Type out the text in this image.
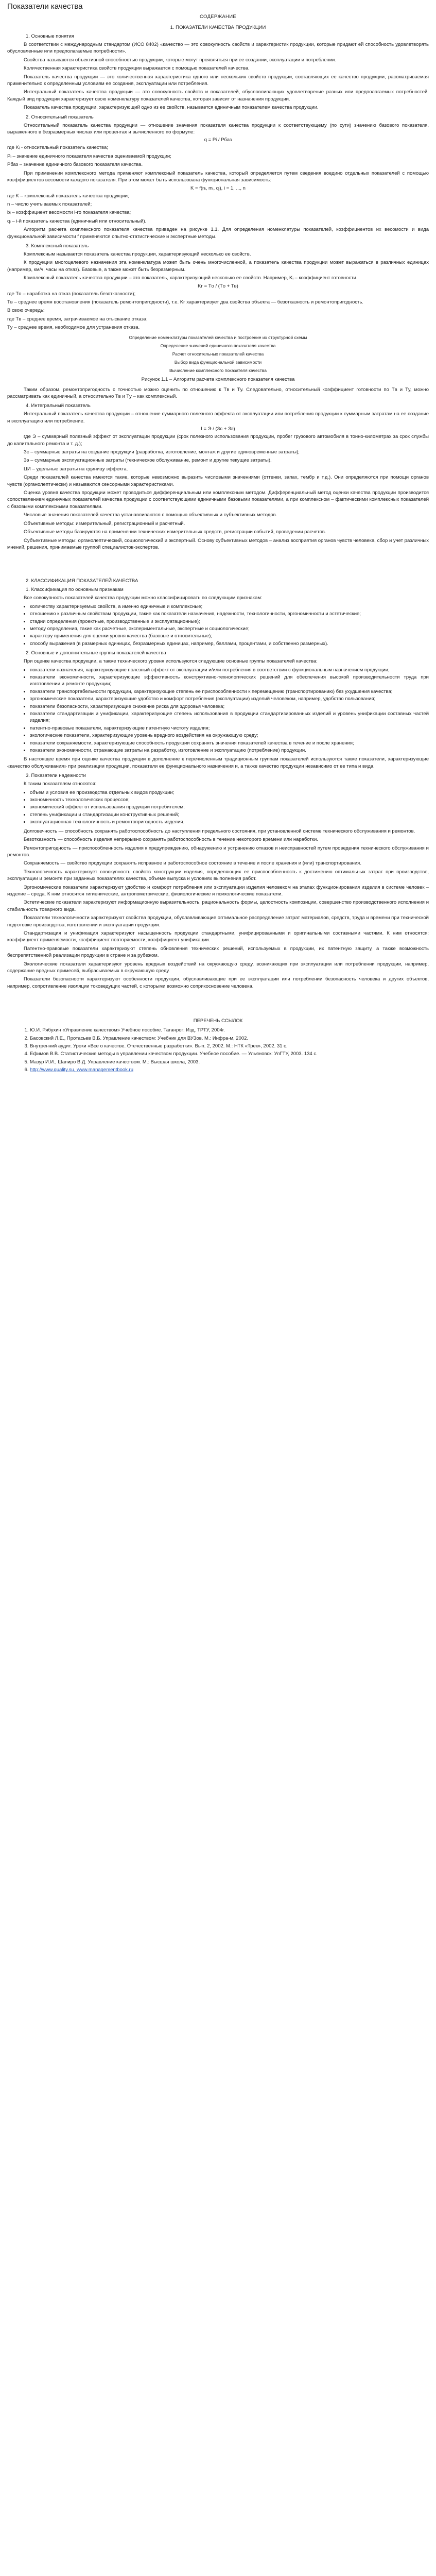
Показатели качества
СОДЕРЖАНИЕ
1. ПОКАЗАТЕЛИ КАЧЕСТВА ПРОДУКЦИИ
1. Основные понятия

В соответствии с международным стандартом (ИСО 8402) «качество — это совокупность свойств и характеристик продукции, которые придают ей способность удовлетворять обусловленные или предполагаемые потребности».

Свойства называются объективной способностью продукции, которые могут проявляться при ее создании, эксплуатации и потреблении.

Количественная характеристика свойств продукции выражается с помощью показателей качества.

Показатель качества продукции — это количественная характеристика одного или нескольких свойств продукции, составляющих ее качество продукции, рассматриваемая применительно к определенным условиям ее создания, эксплуатации или потребления.

Интегральный показатель качества продукции — это совокупность свойств и показателей, обусловливающих удовлетворение разных или предполагаемых потребностей. Каждый вид продукции характеризует свою номенклатуру показателей качества, которая зависит от назначения продукции.

Показатель качества продукции, характеризующий одно из ее свойств, называется единичным показателем качества продукции.

2. Относительный показатель

Относительный показатель качества продукции — отношение значения показателя качества продукции к соответствующему (по сути) значению базового показателя, выраженного в безразмерных числах или процентах и вычисленного по формуле:

q = Pi / Pбаз

где Kᵢ - относительный показатель качества;

Pᵢ – значение единичного показателя качества оцениваемой продукции;

Pбаз – значение единичного базового показателя качества.

При применении комплексного метода применяют комплексный показатель качества, который определяется путем сведения воедино отдельных показателей с помощью коэффициентов весомости каждого показателя. При этом может быть использована функциональная зависимость:

K = f(nᵢ, mᵢ, qᵢ), i = 1, ..., n

где K – комплексный показатель качества продукции;

n – число учитываемых показателей;

bᵢ – коэффициент весомости i-го показателя качества;

qᵢ – i-й показатель качества (единичный или относительный).

Алгоритм расчета комплексного показателя качества приведен на рисунке 1.1. Для определения номенклатуры показателей, коэффициентов их весомости и вида функциональной зависимости f применяются опытно-статистические и экспертные методы.

3. Комплексный показатель

Комплексным называется показатель качества продукции, характеризующий несколько ее свойств.

К продукции многоцелевого назначения эта номенклатура может быть очень многочисленной, а показатель качества продукции может выражаться в различных единицах (например, км/ч, часы на отказ). Базовые, а также может быть безразмерным.

Комплексный показатель качества продукции – это показатель, характеризующий несколько ее свойств. Например, Kᵢ – коэффициент готовности.

Kг = Tо / (Tо + Tв)

где Tо – наработка на отказ (показатель безотказности);

Tв – среднее время восстановления (показатель ремонтопригодности), т.е. Kг характеризует два свойства объекта — безотказность и ремонтопригодность.

В свою очередь:

где Tв – среднее время, затрачиваемое на отыскание отказа;

Tу – среднее время, необходимое для устранения отказа.

Определение номенклатуры показателей качества и построение их структурной схемы
Определение значений единичного показателя качества
Расчет относительных показателей качества
Выбор вида функциональной зависимости
Вычисление комплексного показателя качества
Рисунок 1.1 – Алгоритм расчета комплексного показателя качества

Таким образом, ремонтопригодность с точностью можно оценить по отношению к Tв и Tу. Следовательно, относительный коэффициент готовности по Tв и Tу, можно рассматривать как единичный, а относительно Tв и Tу – как комплексный.

4. Интегральный показатель

Интегральный показатель качества продукции – отношение суммарного полезного эффекта от эксплуатации или потребления продукции к суммарным затратам на ее создание и эксплуатацию или потребление.

I = Э / (Зс + Зэ)

где Э – суммарный полезный эффект от эксплуатации продукции (срок полезного использования продукции, пробег грузового автомобиля в тонно-километрах за срок службы до капитального ремонта и т. д.);

Зс – суммарные затраты на создание продукции (разработка, изготовление, монтаж и другие единовременные затраты);

Зэ – суммарные эксплуатационные затраты (техническое обслуживание, ремонт и другие текущие затраты).

ЦИ – удельные затраты на единицу эффекта.

Среди показателей качества имеются такие, которые невозможно выразить числовыми значениями (оттенки, запах, тембр и т.д.). Они определяются при помощи органов чувств (органолептически) и называются сенсорными характеристиками.

Оценка уровня качества продукции может проводиться дифференциальным или комплексным методом. Дифференциальный метод оценки качества продукции производится сопоставлением единичных показателей качества продукции с соответствующими единичными базовыми показателями, а при комплексном – фактическими комплексных показателей с базовыми комплексными показателями.

Числовые значения показателей качества устанавливаются с помощью объективных и субъективных методов.

Объективные методы: измерительный, регистрационный и расчетный.

Объективные методы базируются на применении технических измерительных средств, регистрации событий, проведении расчетов.

Субъективные методы: органолептический, социологический и экспертный. Основу субъективных методов – анализ восприятия органов чувств человека, сбор и учет различных мнений, решения, принимаемые группой специалистов-экспертов.

2. КЛАССИФИКАЦИЯ ПОКАЗАТЕЛЕЙ КАЧЕСТВА
1. Классификация по основным признакам

Все совокупность показателей качества продукции можно классифицировать по следующим признакам:

• количеству характеризуемых свойств, а именно единичные и комплексные;
• отношению к различным свойствам продукции, такие как показатели назначения, надежности, технологичности, эргономичности и эстетические;
• стадии определения (проектные, производственные и эксплуатационные);
• методу определения, такие как расчетные, экспериментальные, экспертные и социологические;
• характеру применения для оценки уровня качества (базовые и относительные);
• способу выражения (в размерных единицах, безразмерных единицах, например, баллами, процентами, и собственно размерных).
2. Основные и дополнительные группы показателей качества

При оценке качества продукции, а также технического уровня используются следующие основные группы показателей качества:

• показатели назначения, характеризующие полезный эффект от эксплуатации и/или потребления в соответствии с функциональным назначением продукции;
• показатели экономичности, характеризующие эффективность конструктивно-технологических решений для обеспечения высокой производительности труда при изготовлении и ремонте продукции;
• показатели транспортабельности продукции, характеризующие степень ее приспособленности к перемещению (транспортированию) без ухудшения качества;
• эргономические показатели, характеризующие удобство и комфорт потребления (эксплуатации) изделий человеком, например, удобство пользования;
• показатели безопасности, характеризующие снижение риска для здоровья человека;
• показатели стандартизации и унификации, характеризующие степень использования в продукции стандартизированных изделий и уровень унификации составных частей изделия;
• патентно-правовые показатели, характеризующие патентную чистоту изделия;
• экологические показатели, характеризующие уровень вредного воздействия на окружающую среду;
• показатели сохраняемости, характеризующие способность продукции сохранять значения показателей качества в течение и после хранения;
• показатели экономичности, отражающие затраты на разработку, изготовление и эксплуатацию (потребление) продукции.

В настоящее время при оценке качества продукции в дополнение к перечисленным традиционным группам показателей используются также показатели, характеризующие «качество обслуживания» при реализации продукции, показатели ее функционального назначения и, а также качество продукции независимо от ее типа и вида.

3. Показатели надежности

К таким показателям относятся:

• объем и условия ее производства отдельных видов продукции;
• экономичность технологических процессов;
• экономический эффект от использования продукции потребителем;
• степень унификации и стандартизации конструктивных решений;
• эксплуатационная технологичность и ремонтопригодность изделия.

Долговечность — способность сохранять работоспособность до наступления предельного состояния, при установленной системе технического обслуживания и ремонтов.

Безотказность — способность изделия непрерывно сохранять работоспособность в течение некоторого времени или наработки.

Ремонтопригодность — приспособленность изделия к предупреждению, обнаружению и устранению отказов и неисправностей путем проведения технического обслуживания и ремонтов.

Сохраняемость — свойство продукции сохранять исправное и работоспособное состояние в течение и после хранения и (или) транспортирования.

Технологичность характеризует совокупность свойств конструкции изделия, определяющих ее приспособленность к достижению оптимальных затрат при производстве, эксплуатации и ремонте при заданных показателях качества, объеме выпуска и условиях выполнения работ.

Эргономические показатели характеризуют удобство и комфорт потребления или эксплуатации изделия человеком на этапах функционирования изделия в системе человек – изделие – среда. К ним относятся гигиенические, антропометрические, физиологические и психологические показатели.

Эстетические показатели характеризуют информационную выразительность, рациональность формы, целостность композиции, совершенство производственного исполнения и стабильность товарного вида.

Показатели технологичности характеризуют свойства продукции, обуславливающие оптимальное распределение затрат материалов, средств, труда и времени при технической подготовке производства, изготовлении и эксплуатации продукции.

Стандартизация и унификация характеризуют насыщенность продукции стандартными, унифицированными и оригинальными составными частями. К ним относятся: коэффициент применяемости, коэффициент повторяемости, коэффициент унификации.

Патентно-правовые показатели характеризуют степень обновления технических решений, используемых в продукции, их патентную защиту, а также возможность беспрепятственной реализации продукции в стране и за рубежом.

Экологические показатели характеризуют уровень вредных воздействий на окружающую среду, возникающих при эксплуатации или потреблении продукции, например, содержание вредных примесей, выбрасываемых в окружающую среду.

Показатели безопасности характеризуют особенности продукции, обуславливающие при ее эксплуатации или потреблении безопасность человека и других объектов, например, сопротивление изоляции токоведущих частей, с которыми возможно соприкосновение человека.

ПЕРЕЧЕНЬ ССЫЛОК
1. Ю.И. Рябухин «Управление качеством» Учебное пособие. Таганрог: Изд. ТРТУ, 2004г.
2. Басовский Л.Е., Протасьев В.Б. Управление качеством: Учебник для ВУЗов. М.: Инфра-м, 2002.
3. Внутренний аудит. Уроки «Все о качестве. Отечественные разработки». Вып. 2, 2002. М.: НТК «Трек», 2002. 31 с.
4. Ефимов В.В. Статистические методы в управлении качеством продукции. Учебное пособие. — Ульяновск: УлГТУ, 2003. 134 с.
5. Мазур И.И., Шапиро В.Д. Управление качеством. М.: Высшая школа, 2003.
6. http://www.quality.su, www.managementbook.ru
